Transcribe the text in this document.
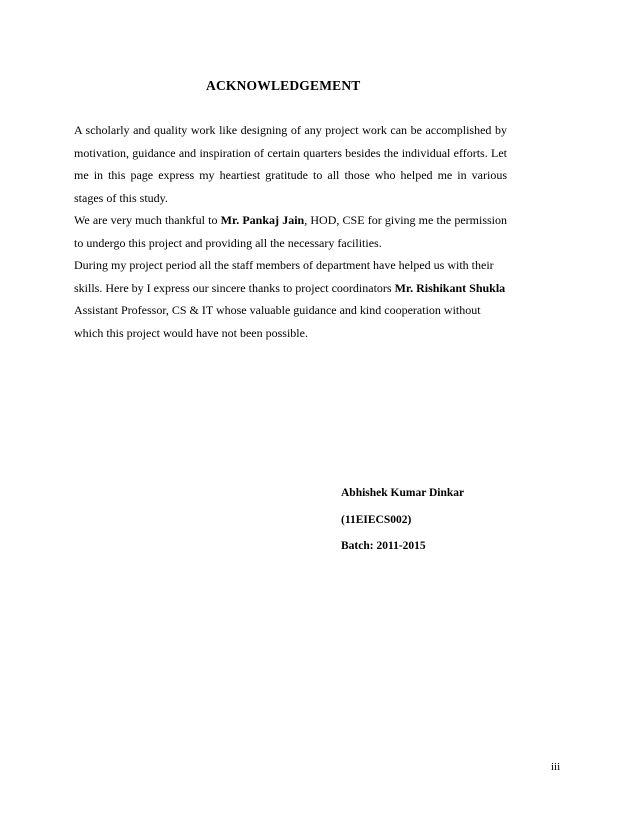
ACKNOWLEDGEMENT

A scholarly and quality work like designing of any project work can be accomplished by motivation, guidance and inspiration of certain quarters besides the individual efforts. Let me in this page express my heartiest gratitude to all those who helped me in various stages of this study.

We are very much thankful to Mr. Pankaj Jain, HOD, CSE for giving me the permission to undergo this project and providing all the necessary facilities.

During my project period all the staff members of department have helped us with their skills. Here by I express our sincere thanks to project coordinators Mr. Rishikant Shukla Assistant Professor, CS & IT whose valuable guidance and kind cooperation without which this project would have not been possible.

Abhishek Kumar Dinkar
(11EIECS002)
Batch: 2011-2015
iii
